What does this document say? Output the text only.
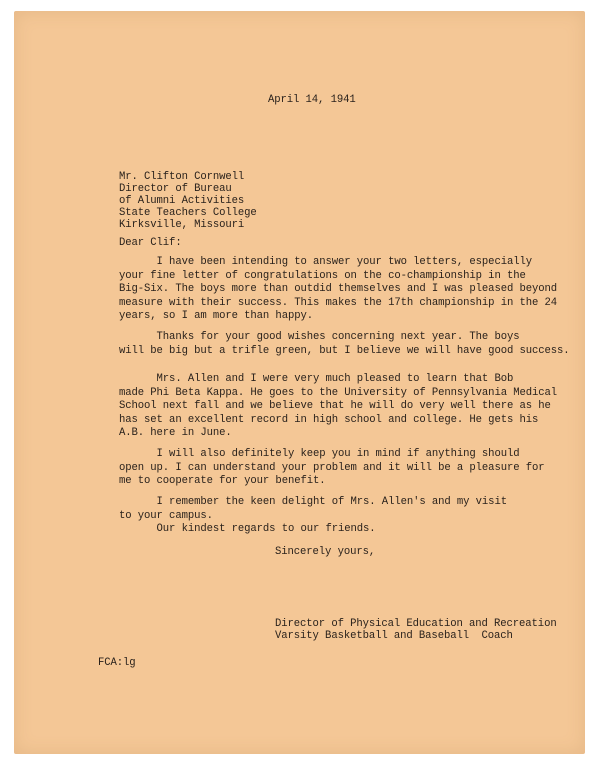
April 14, 1941
Mr. Clifton Cornwell
Director of Bureau
of Alumni Activities
State Teachers College
Kirksville, Missouri
Dear Clif:
I have been intending to answer your two letters, especially
your fine letter of congratulations on the co-championship in the
Big-Six. The boys more than outdid themselves and I was pleased beyond
measure with their success. This makes the 17th championship in the 24
years, so I am more than happy.
Thanks for your good wishes concerning next year. The boys
will be big but a trifle green, but I believe we will have good success.
Mrs. Allen and I were very much pleased to learn that Bob
made Phi Beta Kappa. He goes to the University of Pennsylvania Medical
School next fall and we believe that he will do very well there as he
has set an excellent record in high school and college. He gets his
A.B. here in June.
I will also definitely keep you in mind if anything should
open up. I can understand your problem and it will be a pleasure for
me to cooperate for your benefit.
I remember the keen delight of Mrs. Allen's and my visit
to your campus.
Our kindest regards to our friends.
Sincerely yours,
Director of Physical Education and Recreation
Varsity Basketball and Baseball  Coach
FCA:lg
